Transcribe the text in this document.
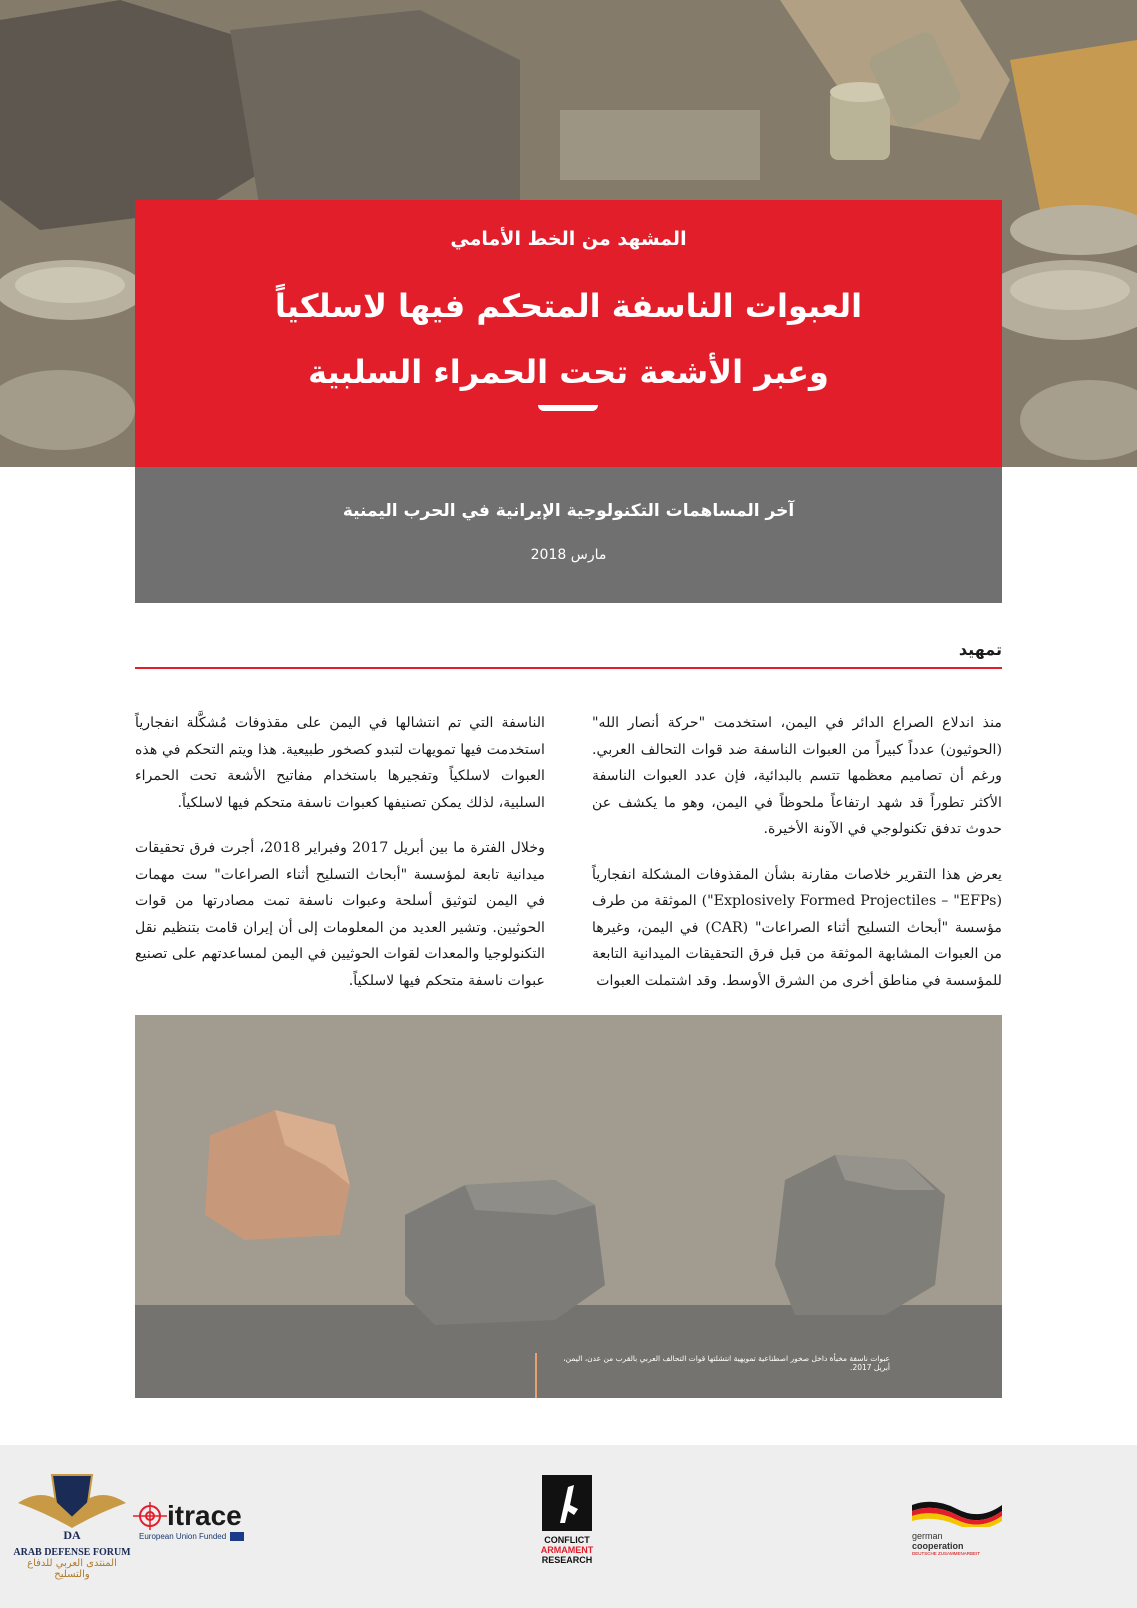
المشهد من الخط الأمامي
العبوات الناسفة المتحكم فيها لاسلكياً
وعبر الأشعة تحت الحمراء السلبية
آخر المساهمات التكنولوجية الإيرانية في الحرب اليمنية
مارس 2018
تمهيد

منذ اندلاع الصراع الدائر في اليمن، استخدمت "حركة أنصار الله" (الحوثيون) عدداً كبيراً من العبوات الناسفة ضد قوات التحالف العربي. ورغم أن تصاميم معظمها تتسم بالبدائية، فإن عدد العبوات الناسفة الأكثر تطوراً قد شهد ارتفاعاً ملحوظاً في اليمن، وهو ما يكشف عن حدوث تدفق تكنولوجي في الآونة الأخيرة.

يعرض هذا التقرير خلاصات مقارنة بشأن المقذوفات المشكلة انفجارياً (Explosively Formed Projectiles – "EFPs") الموثقة من طرف مؤسسة "أبحاث التسليح أثناء الصراعات" (CAR) في اليمن، وغيرها من العبوات المشابهة الموثقة من قبل فرق التحقيقات الميدانية التابعة للمؤسسة في مناطق أخرى من الشرق الأوسط. وقد اشتملت العبوات

الناسفة التي تم انتشالها في اليمن على مقذوفات مُشكَّلة انفجارياً استخدمت فيها تمويهات لتبدو كصخور طبيعية. هذا ويتم التحكم في هذه العبوات لاسلكياً وتفجيرها باستخدام مفاتيح الأشعة تحت الحمراء السلبية، لذلك يمكن تصنيفها كعبوات ناسفة متحكم فيها لاسلكياً.

وخلال الفترة ما بين أبريل 2017 وفبراير 2018، أجرت فرق تحقيقات ميدانية تابعة لمؤسسة "أبحاث التسليح أثناء الصراعات" ست مهمات في اليمن لتوثيق أسلحة وعبوات ناسفة تمت مصادرتها من قوات الحوثيين. وتشير العديد من المعلومات إلى أن إيران قامت بتنظيم نقل التكنولوجيا والمعدات لقوات الحوثيين في اليمن لمساعدتهم على تصنيع عبوات ناسفة متحكم فيها لاسلكياً.

عبوات ناسفة مخبأة داخل صخور اصطناعية تمويهية انتشلتها قوات التحالف العربي بالقرب من عدن، اليمن، أبريل 2017.
DA
ARAB DEFENSE FORUM
المنتدى العربي للدفاع والتسليح
itrace
European Union Funded	CONFLICT
ARMAMENT
RESEARCH
german
cooperation
DEUTSCHE ZUSAMMENARBEIT
